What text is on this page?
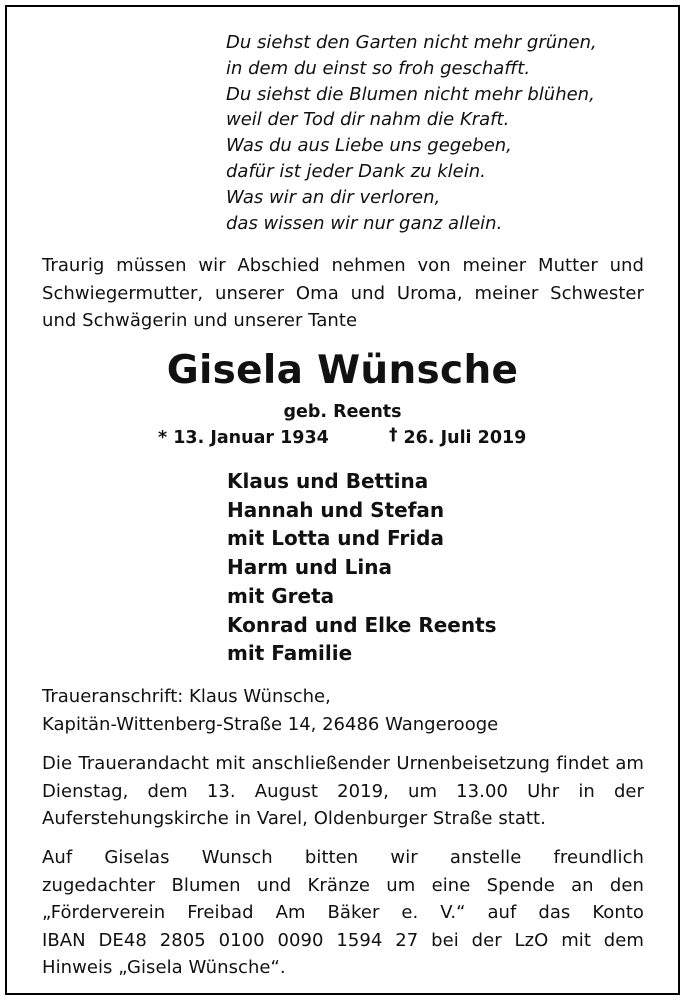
Du siehst den Garten nicht mehr grünen,
in dem du einst so froh geschafft.
Du siehst die Blumen nicht mehr blühen,
weil der Tod dir nahm die Kraft.
Was du aus Liebe uns gegeben,
dafür ist jeder Dank zu klein.
Was wir an dir verloren,
das wissen wir nur ganz allein.
Traurig müssen wir Abschied nehmen von meiner Mutter und Schwiegermutter, unserer Oma und Uroma, meiner Schwester und Schwägerin und unserer Tante
Gisela Wünsche
geb. Reents
* 13. Januar 1934	† 26. Juli 2019
Klaus und Bettina
Hannah und Stefan
mit Lotta und Frida
Harm und Lina
mit Greta
Konrad und Elke Reents
mit Familie
Traueranschrift: Klaus Wünsche,
Kapitän-Wittenberg-Straße 14, 26486 Wangerooge
Die Trauerandacht mit anschließender Urnenbeisetzung findet am Dienstag, dem 13. August 2019, um 13.00 Uhr in der Auferstehungskirche in Varel, Oldenburger Straße statt.
Auf Giselas Wunsch bitten wir anstelle freundlich
zugedachter Blumen und Kränze um eine Spende an den
„Förderverein Freibad Am Bäker e. V.“ auf das Konto
IBAN DE48 2805 0100 0090 1594 27 bei der LzO mit dem
Hinweis „Gisela Wünsche“.
